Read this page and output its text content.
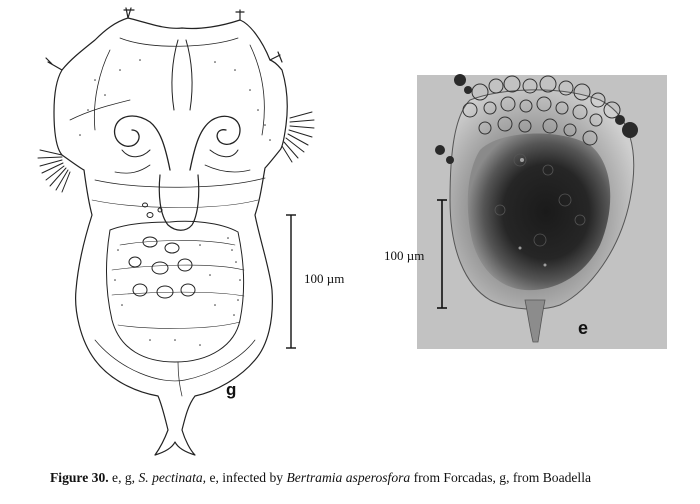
g
e
100 µm
100 µm
Figure 30. e, g, S. pectinata, e, infected by Bertramia asperosfora from Forcadas, g, from Boadella
